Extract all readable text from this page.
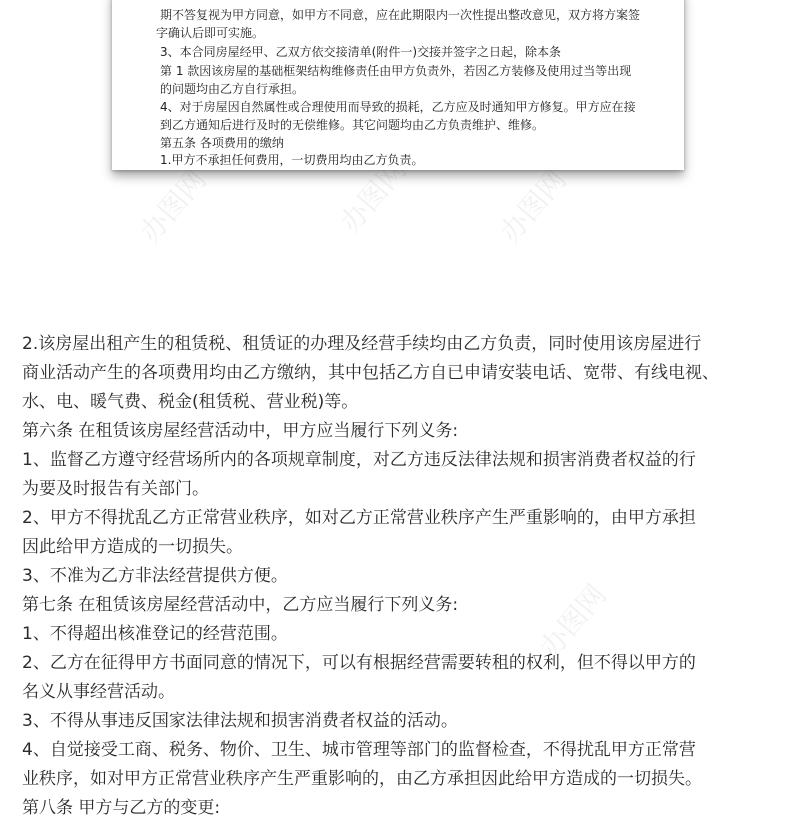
办图网	办图网	办图网
办图网
期不答复视为甲方同意，如甲方不同意，应在此期限内一次性提出整改意见，双方将方案签
字确认后即可实施。
3、本合同房屋经甲、乙双方依交接清单(附件一)交接并签字之日起，除本条
第 1 款因该房屋的基础框架结构维修责任由甲方负责外，若因乙方装修及使用过当等出现
的问题均由乙方自行承担。
4、对于房屋因自然属性或合理使用而导致的损耗，乙方应及时通知甲方修复。甲方应在接
到乙方通知后进行及时的无偿维修。其它问题均由乙方负责维护、维修。
第五条 各项费用的缴纳
1.甲方不承担任何费用，一切费用均由乙方负责。
2.该房屋出租产生的租赁税、租赁证的办理及经营手续均由乙方负责，同时使用该房屋进行
商业活动产生的各项费用均由乙方缴纳，其中包括乙方自已申请安装电话、宽带、有线电视、
水、电、暖气费、税金(租赁税、营业税)等。
第六条 在租赁该房屋经营活动中，甲方应当履行下列义务:
1、监督乙方遵守经营场所内的各项规章制度，对乙方违反法律法规和损害消费者权益的行
为要及时报告有关部门。
2、甲方不得扰乱乙方正常营业秩序，如对乙方正常营业秩序产生严重影响的，由甲方承担
因此给甲方造成的一切损失。
3、不准为乙方非法经营提供方便。
第七条 在租赁该房屋经营活动中，乙方应当履行下列义务:
1、不得超出核准登记的经营范围。
2、乙方在征得甲方书面同意的情况下，可以有根据经营需要转租的权利，但不得以甲方的
名义从事经营活动。
3、不得从事违反国家法律法规和损害消费者权益的活动。
4、自觉接受工商、税务、物价、卫生、城市管理等部门的监督检查，不得扰乱甲方正常营
业秩序，如对甲方正常营业秩序产生严重影响的，由乙方承担因此给甲方造成的一切损失。
第八条 甲方与乙方的变更:
